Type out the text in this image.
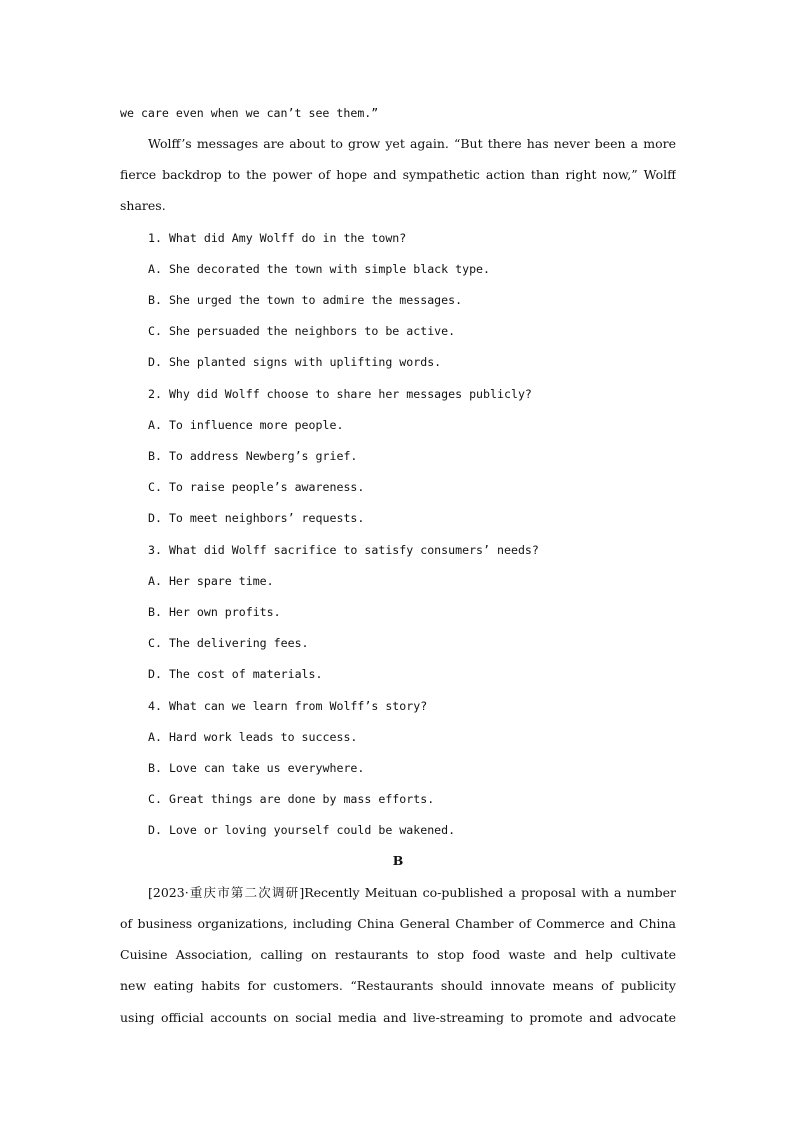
we care even when we can’t see them.”
Wolff’s messages are about to grow yet again. “But there has never been a more
fierce backdrop to the power of hope and sympathetic action than right now,” Wolff
shares.
1. What did Amy Wolff do in the town?
A. She decorated the town with simple black type.
B. She urged the town to admire the messages.
C. She persuaded the neighbors to be active.
D. She planted signs with uplifting words.
2. Why did Wolff choose to share her messages publicly?
A. To influence more people.
B. To address Newberg’s grief.
C. To raise people’s awareness.
D. To meet neighbors’ requests.
3. What did Wolff sacrifice to satisfy consumers’ needs?
A. Her spare time.
B. Her own profits.
C. The delivering fees.
D. The cost of materials.
4. What can we learn from Wolff’s story?
A. Hard work leads to success.
B. Love can take us everywhere.
C. Great things are done by mass efforts.
D. Love or loving yourself could be wakened.
B
[2023·重庆市第二次调研]Recently Meituan co-published a proposal with a number
of business organizations, including China General Chamber of Commerce and China
Cuisine Association, calling on restaurants to stop food waste and help cultivate
new eating habits for customers. “Restaurants should innovate means of publicity
using official accounts on social media and live-streaming to promote and advocate
